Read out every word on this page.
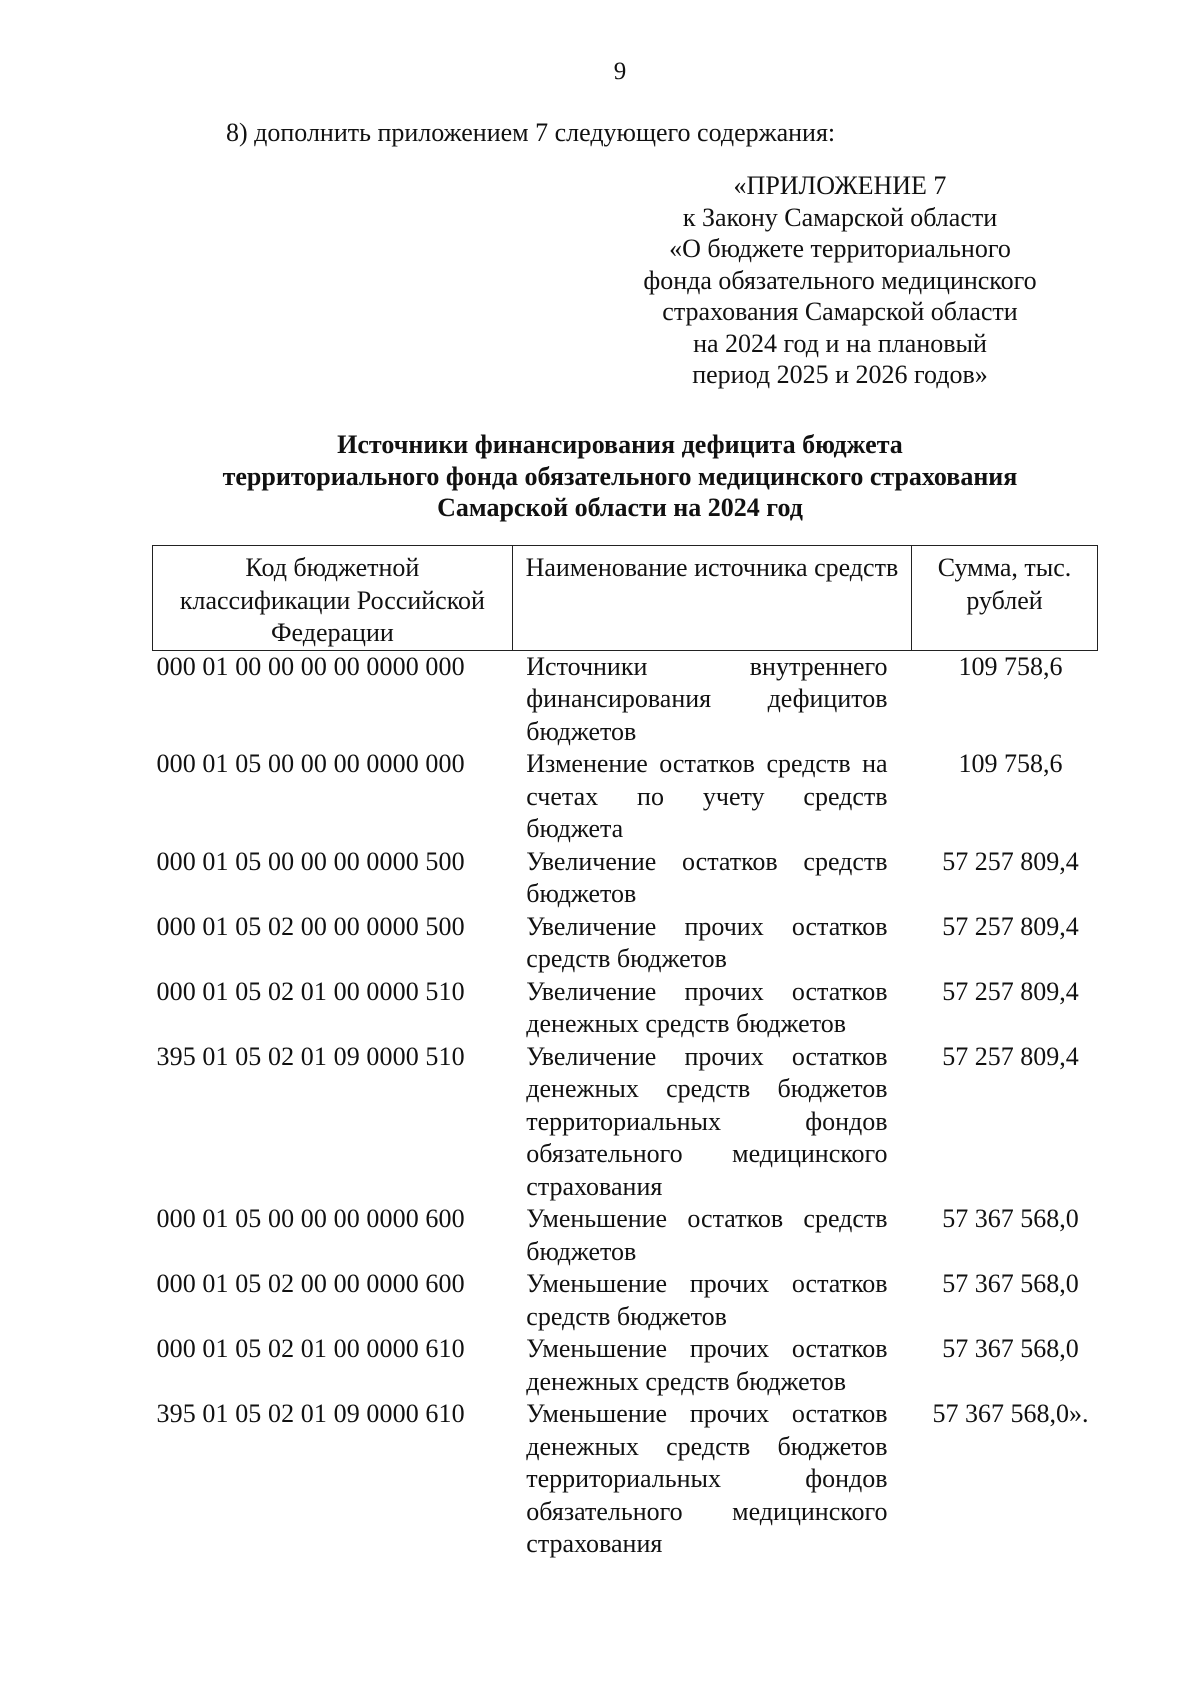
9
8) дополнить приложением 7 следующего содержания:
«ПРИЛОЖЕНИЕ 7
к Закону Самарской области
«О бюджете территориального
фонда обязательного медицинского
страхования Самарской области
на 2024 год и на плановый
период 2025 и 2026 годов»
Источники финансирования дефицита бюджета
территориального фонда обязательного медицинского страхования
Самарской области на 2024 год
Код бюджетной классификации Российской Федерации	Наименование источника средств	Сумма, тыс. рублей
000 01 00 00 00 00 0000 000	Источники внутреннего финансирования дефицитов бюджетов	109 758,6
000 01 05 00 00 00 0000 000	Изменение остатков средств на счетах по учету средств бюджета	109 758,6
000 01 05 00 00 00 0000 500	Увеличение остатков средств бюджетов	57 257 809,4
000 01 05 02 00 00 0000 500	Увеличение прочих остатков средств бюджетов	57 257 809,4
000 01 05 02 01 00 0000 510	Увеличение прочих остатков денежных средств бюджетов	57 257 809,4
395 01 05 02 01 09 0000 510	Увеличение прочих остатков денежных средств бюджетов территориальных фондов обязательного медицинского страхования	57 257 809,4
000 01 05 00 00 00 0000 600	Уменьшение остатков средств бюджетов	57 367 568,0
000 01 05 02 00 00 0000 600	Уменьшение прочих остатков средств бюджетов	57 367 568,0
000 01 05 02 01 00 0000 610	Уменьшение прочих остатков денежных средств бюджетов	57 367 568,0
395 01 05 02 01 09 0000 610	Уменьшение прочих остатков денежных средств бюджетов территориальных фондов обязательного медицинского страхования	57 367 568,0».
